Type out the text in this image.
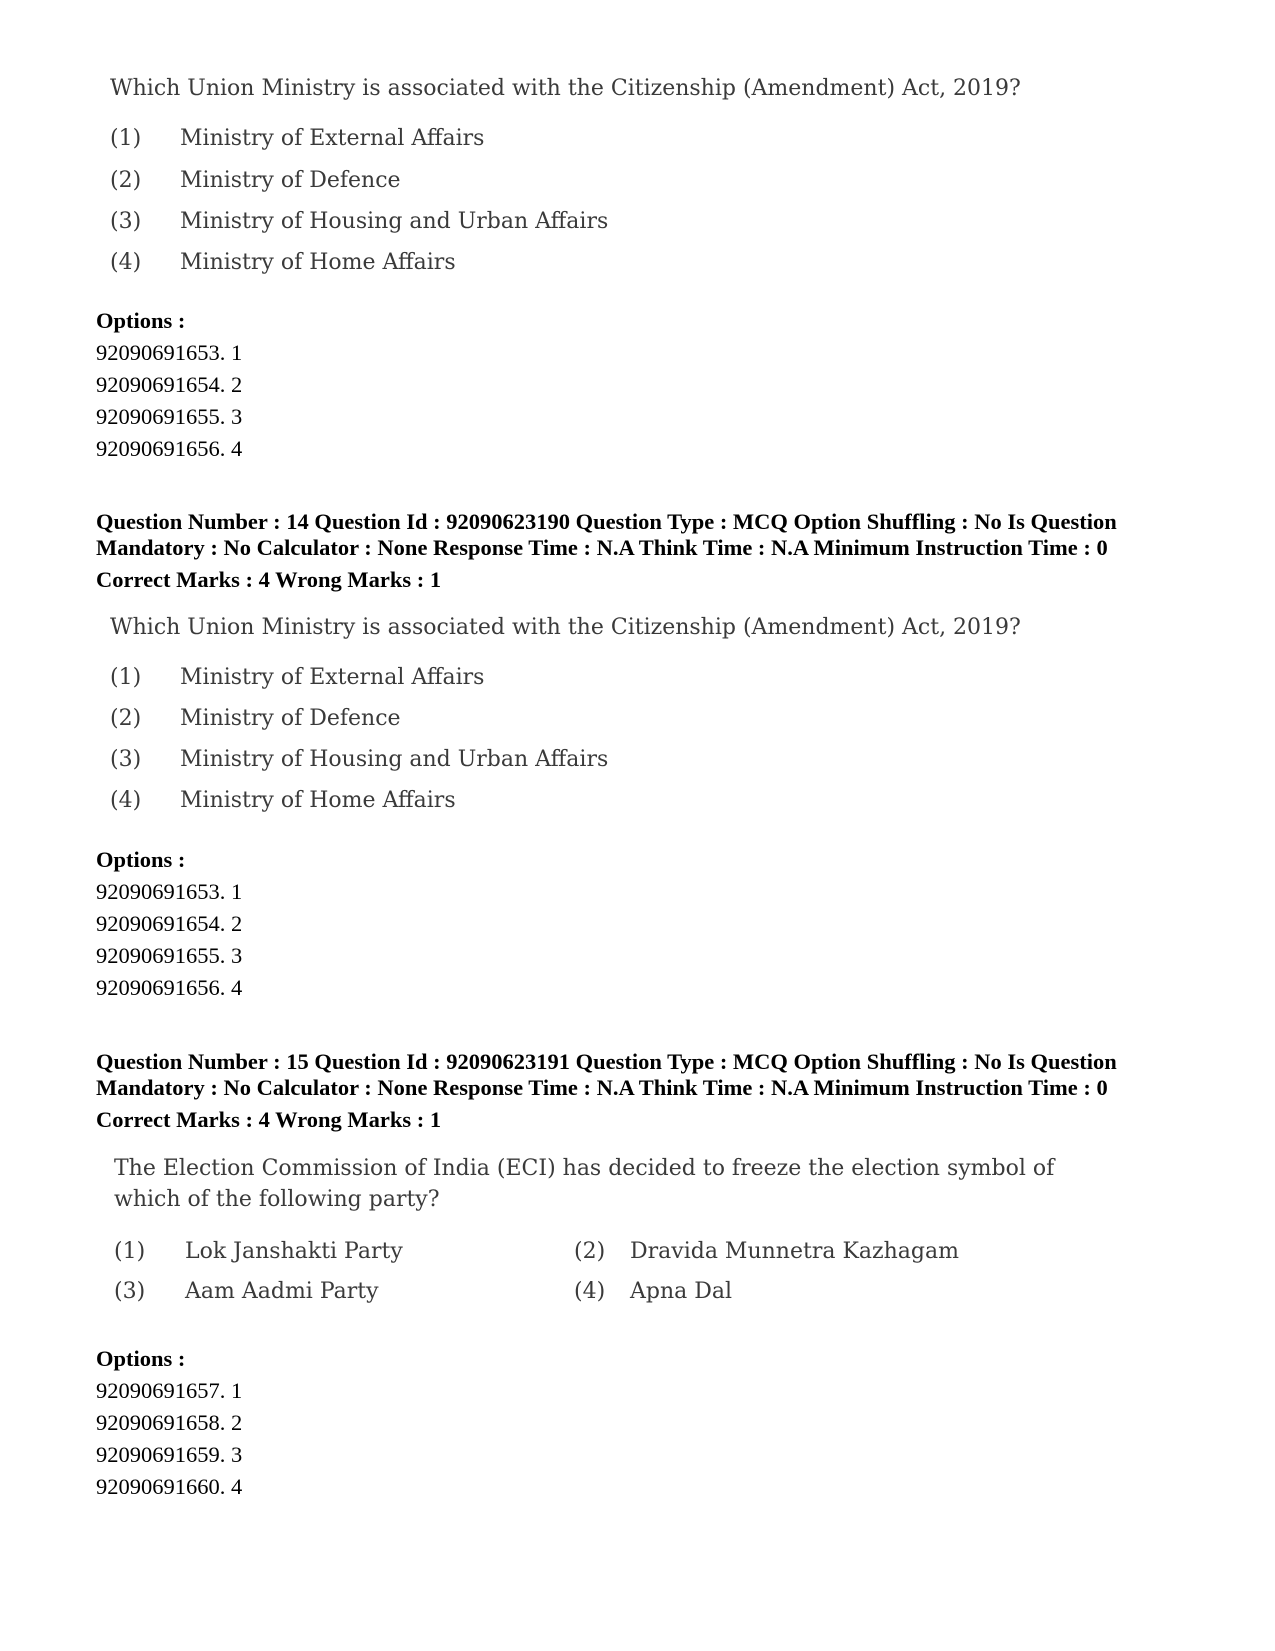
Which Union Ministry is associated with the Citizenship (Amendment) Act, 2019?
(1) Ministry of External Affairs
(2) Ministry of Defence
(3) Ministry of Housing and Urban Affairs
(4) Ministry of Home Affairs
Options :
92090691653. 1
92090691654. 2
92090691655. 3
92090691656. 4
Question Number : 14 Question Id : 92090623190 Question Type : MCQ Option Shuffling : No Is Question
Mandatory : No Calculator : None Response Time : N.A Think Time : N.A Minimum Instruction Time : 0
Correct Marks : 4 Wrong Marks : 1
Which Union Ministry is associated with the Citizenship (Amendment) Act, 2019?
(1) Ministry of External Affairs
(2) Ministry of Defence
(3) Ministry of Housing and Urban Affairs
(4) Ministry of Home Affairs
Options :
92090691653. 1
92090691654. 2
92090691655. 3
92090691656. 4
Question Number : 15 Question Id : 92090623191 Question Type : MCQ Option Shuffling : No Is Question
Mandatory : No Calculator : None Response Time : N.A Think Time : N.A Minimum Instruction Time : 0
Correct Marks : 4 Wrong Marks : 1
The Election Commission of India (ECI) has decided to freeze the election symbol of
which of the following party?
(1) Lok Janshakti Party	(2) Dravida Munnetra Kazhagam
(3) Aam Aadmi Party	(4) Apna Dal
Options :
92090691657. 1
92090691658. 2
92090691659. 3
92090691660. 4
